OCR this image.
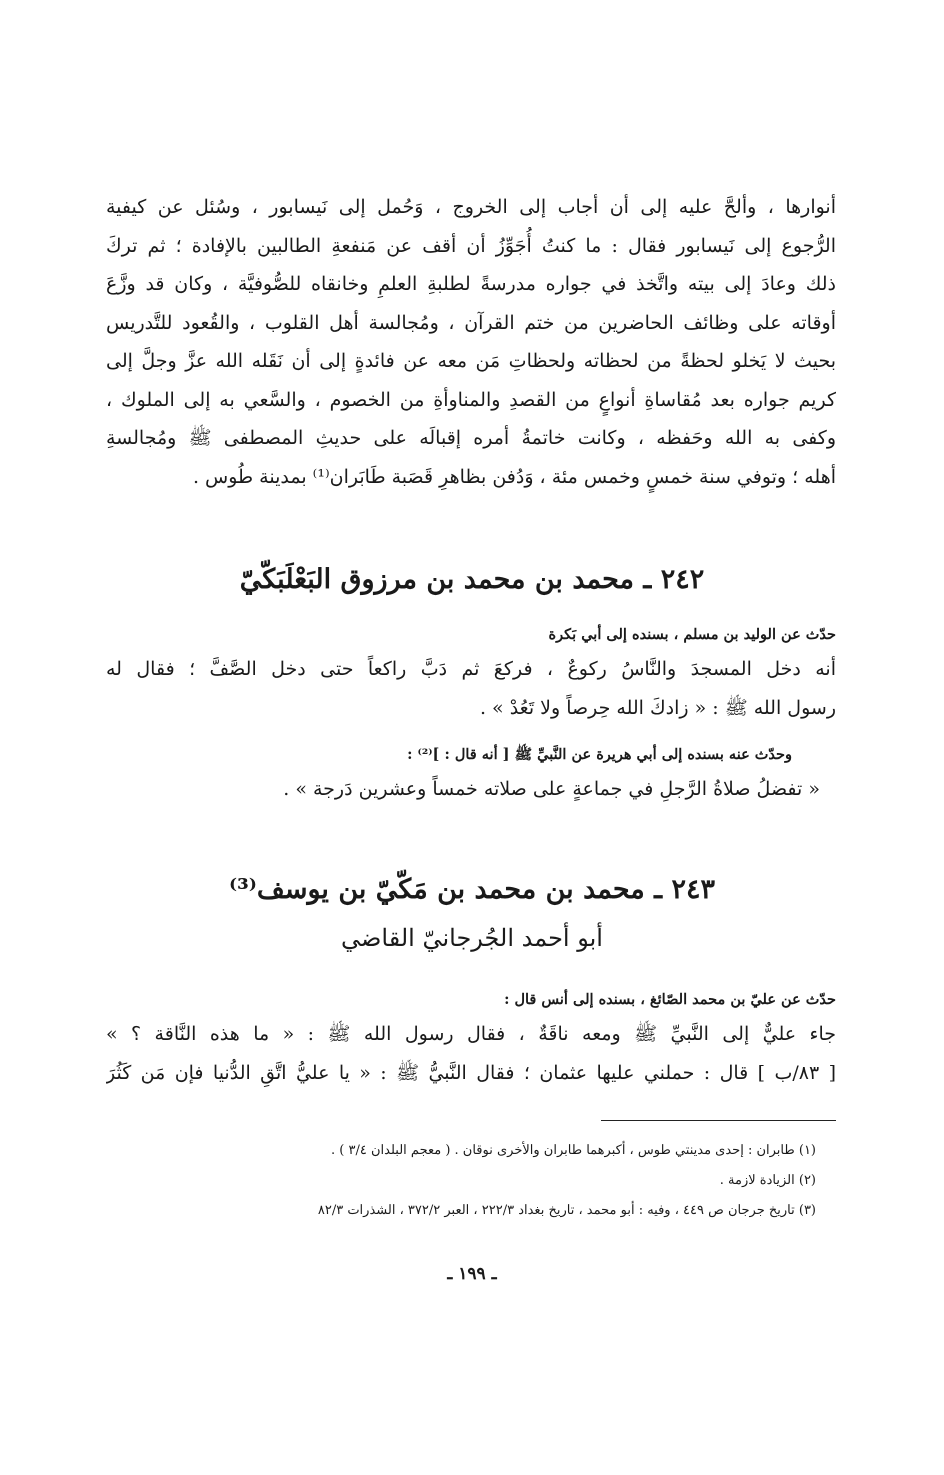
أنوارها ، وألحَّ عليه إلى أن أجاب إلى الخروج ، وَحُمل إلى نَيسابور ، وسُئل عن كيفية
الرُّجوع إلى نَيسابور فقال : ما كنتُ أُجَوِّزُ أن أقف عن مَنفعةِ الطالبين بالإفادة ؛ ثم تركَ
ذلك وعادَ إلى بيته واتَّخذ في جواره مدرسةً لطلبةِ العلمِ وخانقاه للصُّوفيَّة ، وكان قد وزَّعَ
أوقاته على وظائف الحاضرين من ختم القرآن ، ومُجالسة أهل القلوب ، والقُعود للتَّدريس
بحيث لا يَخلو لحظةً من لحظاته ولحظاتِ مَن معه عن فائدةٍ إلى أن نَقَله الله عزَّ وجلَّ إلى
كريم جواره بعد مُقاساةِ أنواعٍ من القصدِ والمناوأةِ من الخصوم ، والسَّعي به إلى الملوك ،
وكفى به الله وحَفظه ، وكانت خاتمةُ أمره إقبالَه على حديثِ المصطفى ﷺ ومُجالسةِ
أهله ؛ وتوفي سنة خمسٍ وخمس مئة ، وَدُفن بظاهرِ قَصَبة طَابَران⁽¹⁾ بمدينة طُوس .
٢٤٢ ـ محمد بن محمد بن مرزوق البَعْلَبَكّيّ
حدّث عن الوليد بن مسلم ، بسنده إلى أبي بَكرة
أنه دخل المسجدَ والنَّاسُ ركوعٌ ، فركعَ ثم دَبَّ راكعاً حتى دخل الصَّفَّ ؛ فقال له
رسول الله ﷺ : « زادكَ الله حِرصاً ولا تَعُدْ » .
وحدّث عنه بسنده إلى أبي هريرة عن النَّبيِّ ﷺ [ أنه قال : ]⁽²⁾ :
« تفضلُ صلاةُ الرَّجلِ في جماعةٍ على صلاته خمساً وعشرين دَرجة » .
٢٤٣ ـ محمد بن محمد بن مَكّيّ بن يوسف⁽³⁾
أبو أحمد الجُرجانيّ القاضي
حدّث عن عليّ بن محمد الصّائغ ، بسنده إلى أنس قال :
جاء عليٌّ إلى النَّبيِّ ﷺ ومعه ناقَةٌ ، فقال رسول الله ﷺ : « ما هذه النَّاقة ؟ »
[ ٨٣/ب ] قال : حملني عليها عثمان ؛ فقال النَّبيُّ ﷺ : « يا عليُّ اتَّقِ الدُّنيا فإن مَن كَثُرَ
(١) طابران : إحدى مدينتي طوس ، أكبرهما طابران والأخرى نوقان . ( معجم البلدان ٣/٤ ) .
(٢) الزيادة لازمة .
(٣) تاريخ جرجان ص ٤٤٩ ، وفيه : أبو محمد ، تاريخ بغداد ٢٢٢/٣ ، العبر ٣٧٢/٢ ، الشذرات ٨٢/٣
ـ ١٩٩ ـ
